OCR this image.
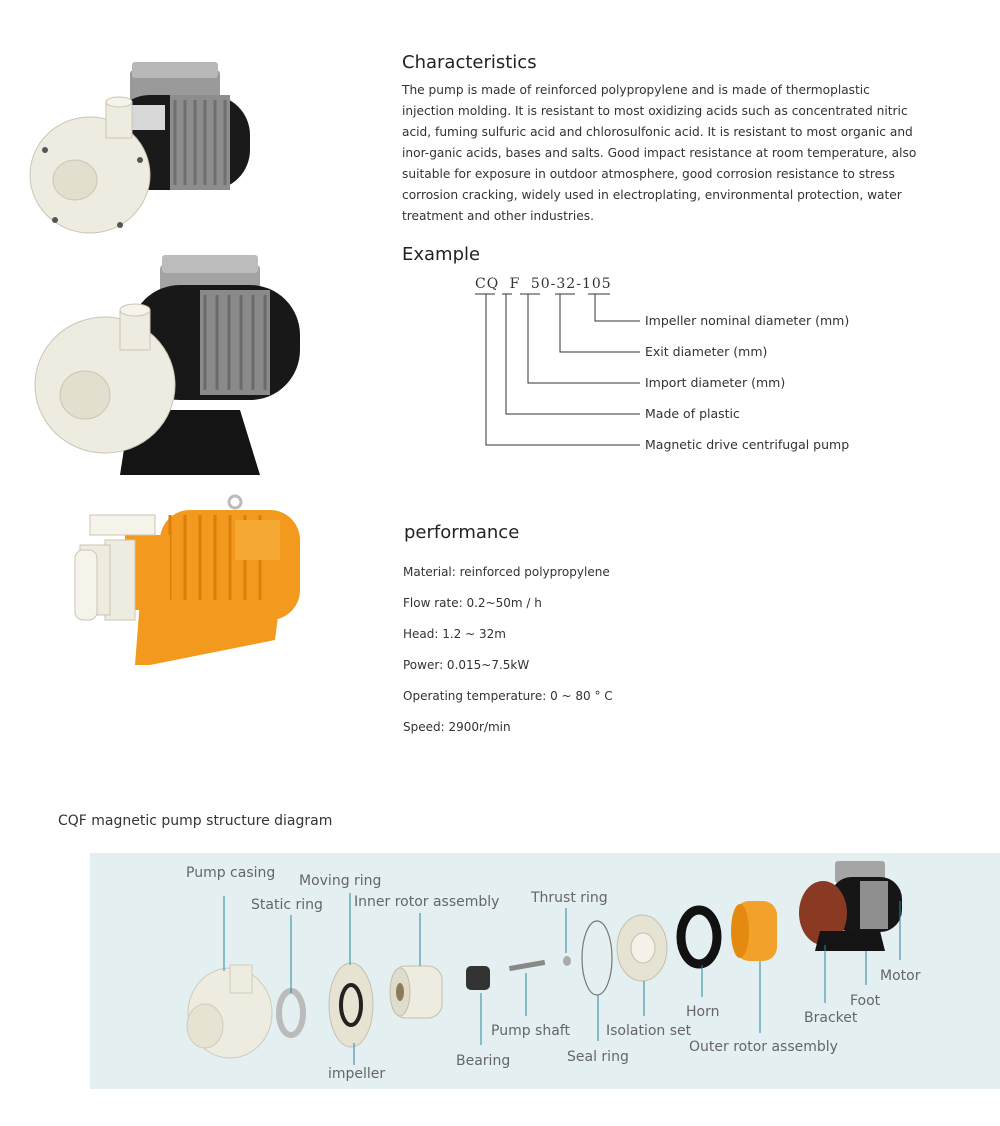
Characteristics

The pump is made of reinforced polypropylene and is made of thermoplastic injection molding. It is resistant to most oxidizing acids such as concentrated nitric acid, fuming sulfuric acid and chlorosulfonic acid. It is resistant to most organic and inor-ganic acids, bases and salts. Good impact resistance at room temperature, also suitable for exposure in outdoor atmosphere, good corrosion resistance to stress corrosion cracking, widely used in electroplating, environmental protection, water treatment and other industries.

Example
CQ F 50-32-105
Impeller nominal diameter (mm)
Exit diameter (mm)
Import diameter (mm)
Made of plastic
Magnetic drive centrifugal pump
performance
Material: reinforced polypropylene
Flow rate: 0.2~50m / h
Head: 1.2 ~ 32m
Power: 0.015~7.5kW
Operating temperature: 0 ~ 80 ° C
Speed: 2900r/min
CQF magnetic pump structure diagram
Pump casing Moving ring
Static ring Inner rotor assembly Thrust ring
Pump shaft	Isolation set
Horn
Outer rotor assembly
Bracket
Foot
Motor
Seal ring
Bearing
impeller
